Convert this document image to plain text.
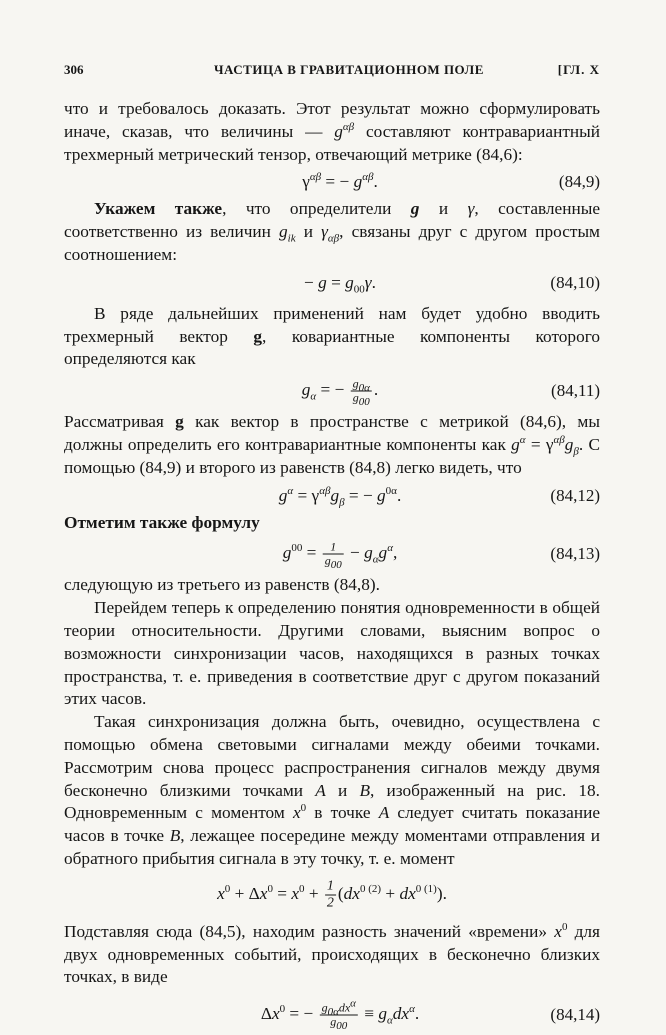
306	ЧАСТИЦА В ГРАВИТАЦИОННОМ ПОЛЕ	[ГЛ. X

что и требовалось доказать. Этот результат можно сформулировать иначе, сказав, что величины — $g^{\alpha\beta}$ составляют контравариантный трехмерный метрический тензор, отвечающий метрике (84,6):

$\gamma^{\alpha\beta}$ = − $g^{\alpha\beta}$.	(84,9)

Укажем также, что определители g и γ, составленные соответственно из величин $g_{ik}$ и $\gamma_{\alpha\beta}$, связаны друг с другом простым соотношением:

− $g = g_{00}\gamma$.	(84,10)

В ряде дальнейших применений нам будет удобно вводить трехмерный вектор g, ковариантные компоненты которого определяются как

$g_\alpha$ = − $\frac{g_{0\alpha}}{g_{00}}$ .	(84,11)

Рассматривая g как вектор в пространстве с метрикой (84,6), мы должны определить его контравариантные компоненты как $g^\alpha = \gamma^{\alpha\beta}g_\beta$. С помощью (84,9) и второго из равенств (84,8) легко видеть, что

$g^\alpha = \gamma^{\alpha\beta}g_\beta$ = − $g^{0\alpha}$.	(84,12)

Отметим также формулу

$g^{00} = \frac{1}{g_{00}} - g_\alpha g^\alpha$,	(84,13)

следующую из третьего из равенств (84,8).

Перейдем теперь к определению понятия одновременности в общей теории относительности. Другими словами, выясним вопрос о возможности синхронизации часов, находящихся в разных точках пространства, т. е. приведения в соответствие друг с другом показаний этих часов.

Такая синхронизация должна быть, очевидно, осуществлена с помощью обмена световыми сигналами между обеими точками. Рассмотрим снова процесс распространения сигналов между двумя бесконечно близкими точками A и B, изображенный на рис. 18. Одновременным с моментом $x^0$ в точке A следует считать показание часов в точке B, лежащее посередине между моментами отправления и обратного прибытия сигнала в эту точку, т. е. момент

$x^0 + \Delta x^0 = x^0 + \frac{1}{2} (dx^{0 (2)} + dx^{0 (1)})$.

Подставляя сюда (84,5), находим разность значений «времени» $x^0$ для двух одновременных событий, происходящих в бесконечно близких точках, в виде

$\Delta x^0$ = − $\frac{g_{0\alpha}dx^\alpha}{g_{00}} \equiv g_\alpha dx^\alpha$.	(84,14)
